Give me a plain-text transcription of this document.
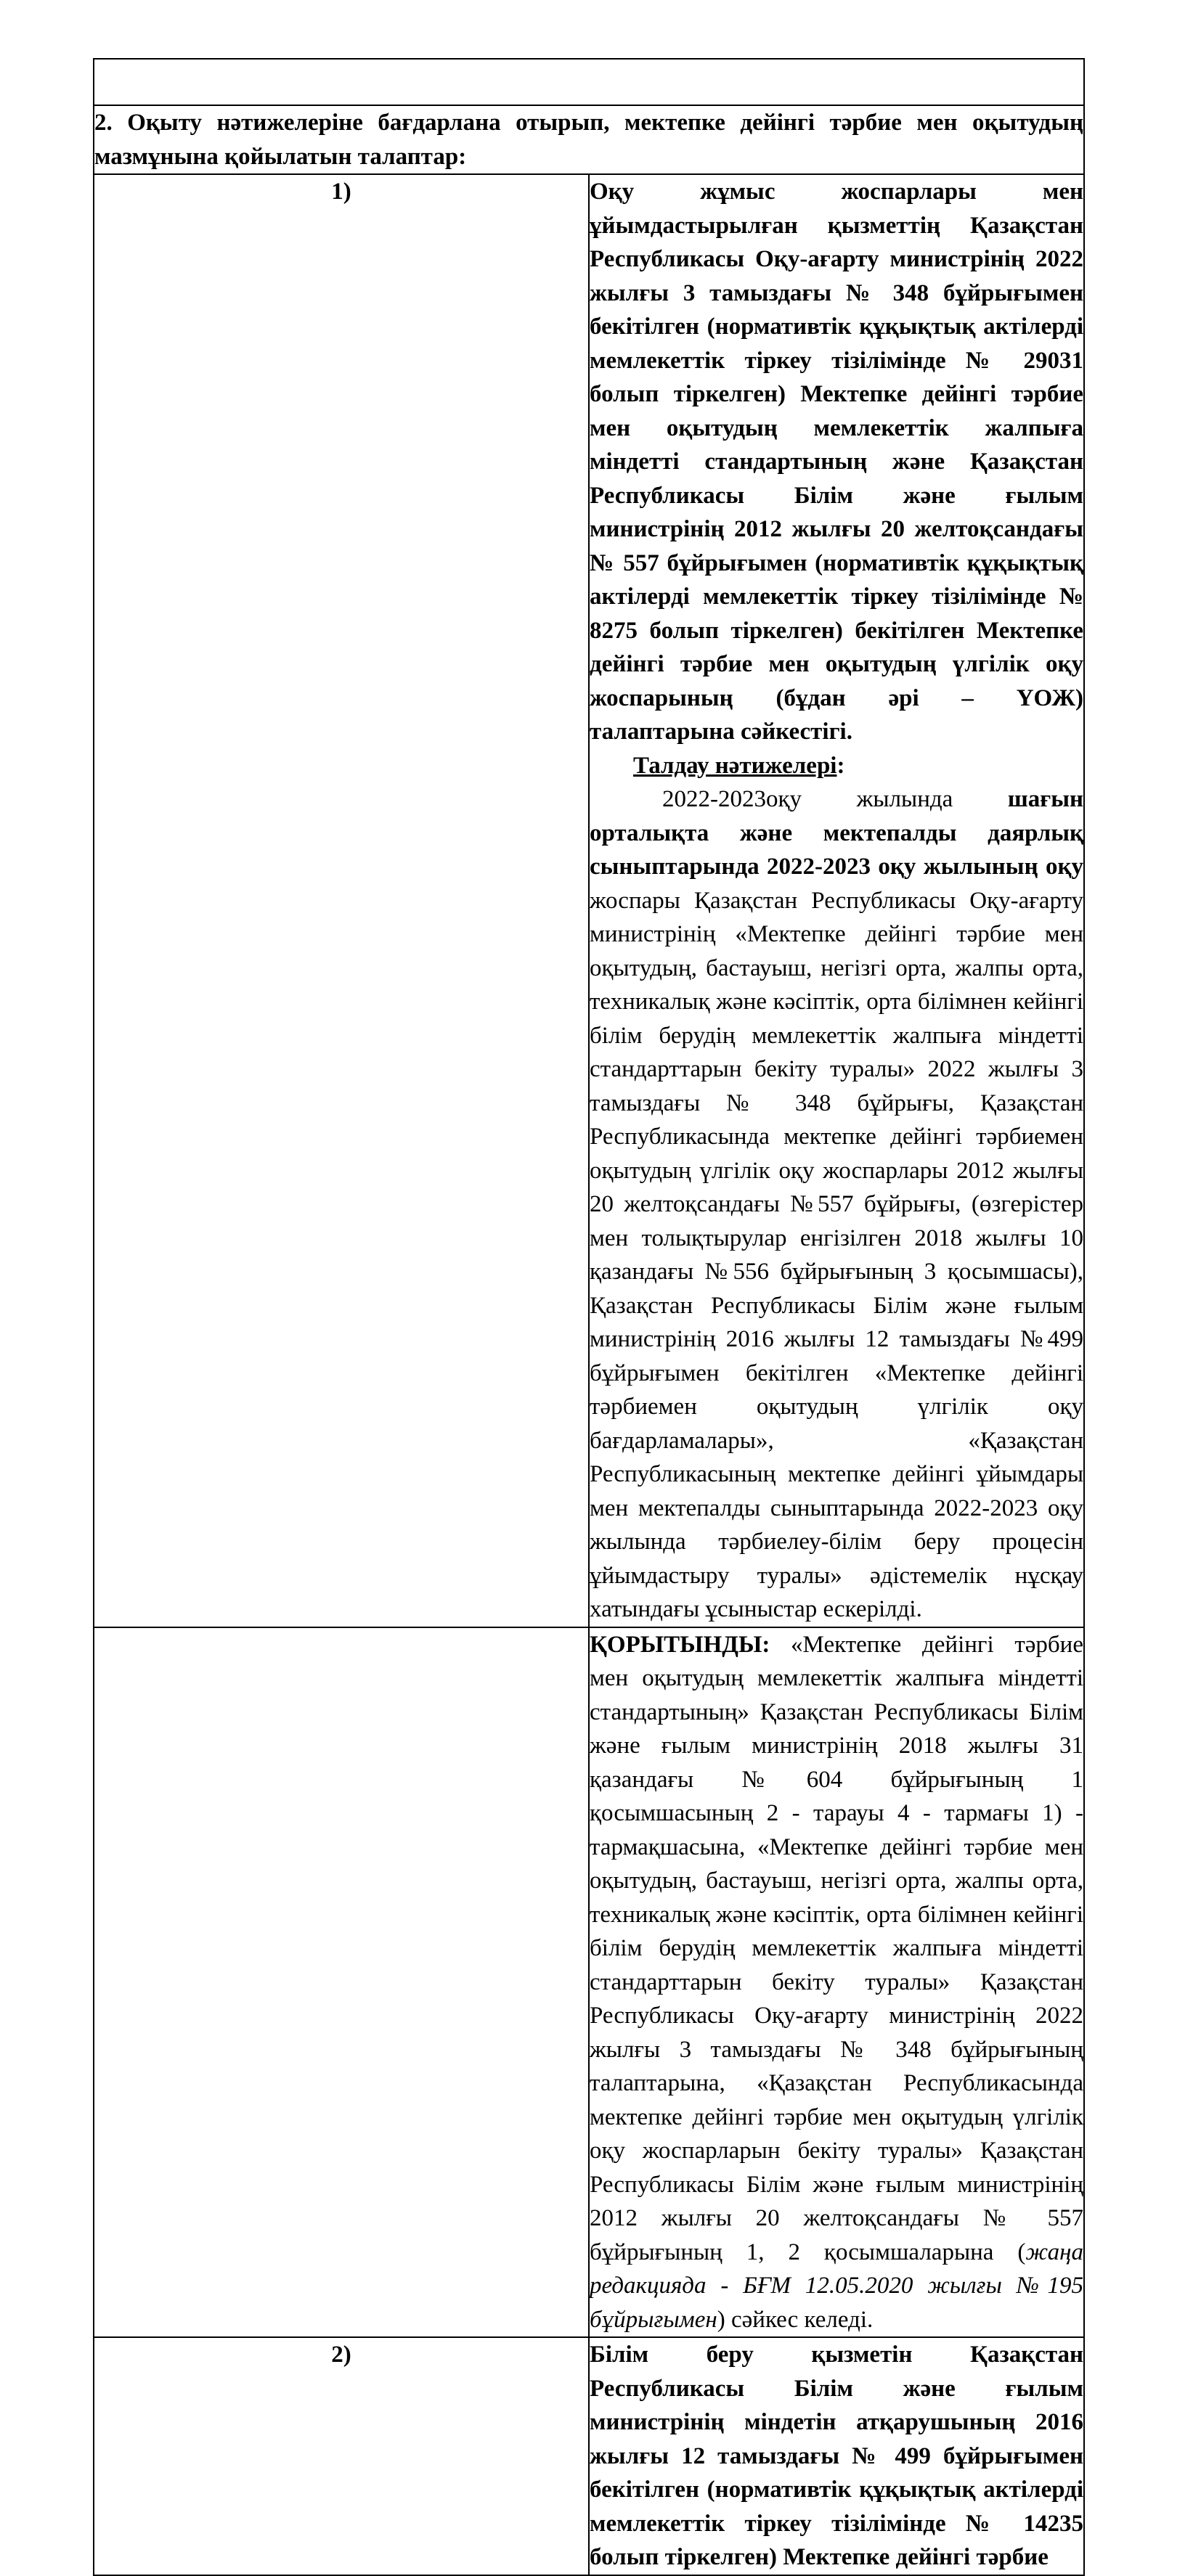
2. Оқыту нәтижелеріне бағдарлана отырып, мектепке дейінгі тәрбие мен оқытудың мазмұнына қойылатын талаптар:	
1)	Оқу жұмыс жоспарлары мен ұйымдастырылған қызметтің Қазақстан Республикасы Оқу-ағарту министрінің 2022 жылғы 3 тамыздағы № 348 бұйрығымен бекітілген (нормативтік құқықтық актілерді мемлекеттік тіркеу тізілімінде № 29031 болып тіркелген) Мектепке дейінгі тәрбие мен оқытудың мемлекеттік жалпыға міндетті стандартының және Қазақстан Республикасы Білім және ғылым министрінің 2012 жылғы 20 желтоқсандағы № 557 бұйрығымен (нормативтік құқықтық актілерді мемлекеттік тіркеу тізілімінде № 8275 болып тіркелген) бекітілген Мектепке дейінгі тәрбие мен оқытудың үлгілік оқу жоспарының (бұдан әрі – ҮОЖ) талаптарына сәйкестігі.

Талдау нәтижелері:

2022-2023оқу жылында шағын орталықта және мектепалды даярлық сыныптарында 2022-2023 оқу жылының оқу жоспары Қазақстан Республикасы Оқу-ағарту министрінің «Мектепке дейінгі тәрбие мен оқытудың, бастауыш, негізгі орта, жалпы орта, техникалық және кәсіптік, орта білімнен кейінгі білім берудің мемлекеттік жалпыға міндетті стандарттарын бекіту туралы» 2022 жылғы 3 тамыздағы № 348 бұйрығы, Қазақстан Республикасында мектепке дейінгі тәрбиемен оқытудың үлгілік оқу жоспарлары 2012 жылғы 20 желтоқсандағы №557 бұйрығы, (өзгерістер мен толықтырулар енгізілген 2018 жылғы 10 қазандағы №556 бұйрығының 3 қосымшасы), Қазақстан Республикасы Білім және ғылым министрінің 2016 жылғы 12 тамыздағы №499 бұйрығымен бекітілген «Мектепке дейінгі тәрбиемен оқытудың үлгілік оқу бағдарламалары», «Қазақстан Республикасының мектепке дейінгі ұйымдары мен мектепалды сыныптарында 2022-2023 оқу жылында тәрбиелеу-білім беру процесін ұйымдастыру туралы» әдістемелік нұсқау хатындағы ұсыныстар ескерілді.

	ҚОРЫТЫНДЫ: «Мектепке дейінгі тәрбие мен оқытудың мемлекеттік жалпыға міндетті стандартының» Қазақстан Республикасы Білім және ғылым министрінің 2018 жылғы 31 қазандағы №604 бұйрығының 1 қосымшасының 2 - тарауы 4 - тармағы 1) - тармақшасына, «Мектепке дейінгі тәрбие мен оқытудың, бастауыш, негізгі орта, жалпы орта, техникалық және кәсіптік, орта білімнен кейінгі білім берудің мемлекеттік жалпыға міндетті стандарттарын бекіту туралы» Қазақстан Республикасы Оқу-ағарту министрінің 2022 жылғы 3 тамыздағы № 348 бұйрығының талаптарына, «Қазақстан Республикасында мектепке дейінгі тәрбие мен оқытудың үлгілік оқу жоспарларын бекіту туралы» Қазақстан Республикасы Білім және ғылым министрінің 2012 жылғы 20 желтоқсандағы № 557 бұйрығының 1, 2 қосымшаларына (жаңа редакцияда - БҒМ 12.05.2020 жылғы №195 бұйрығымен) сәйкес келеді.

2)	Білім беру қызметін Қазақстан Республикасы Білім және ғылым министрінің міндетін атқарушының 2016 жылғы 12 тамыздағы № 499 бұйрығымен бекітілген (нормативтік құқықтық актілерді мемлекеттік тіркеу тізілімінде № 14235 болып тіркелген) Мектепке дейінгі тәрбие
